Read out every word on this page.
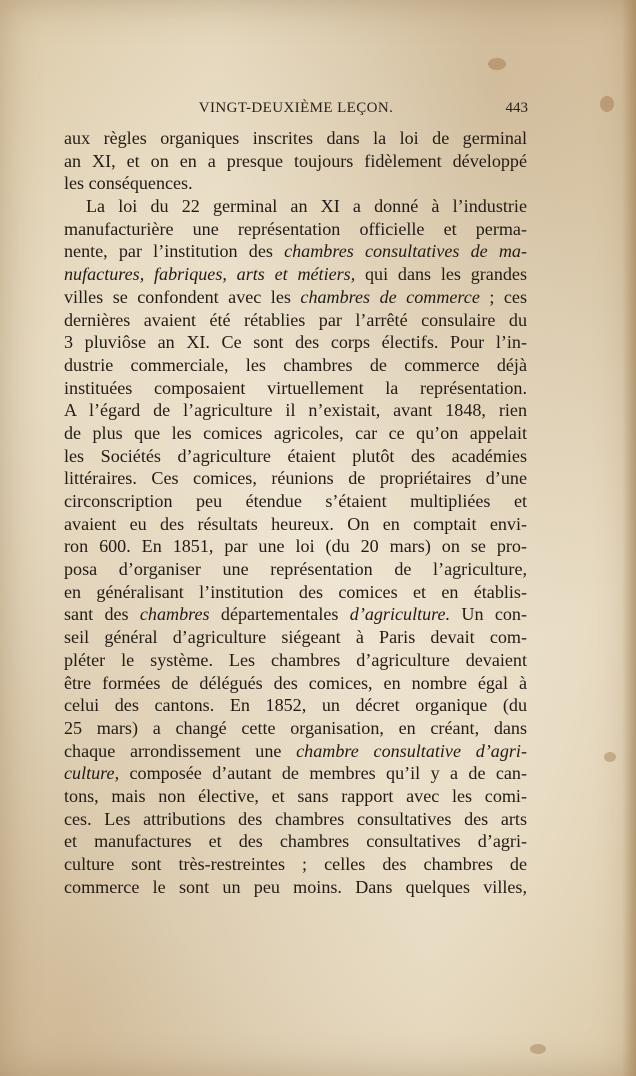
VINGT-DEUXIÈME LEÇON.	443
aux règles organiques inscrites dans la loi de germinal
an XI, et on en a presque toujours fidèlement développé
les conséquences.
La loi du 22 germinal an XI a donné à l’industrie
manufacturière une représentation officielle et perma-
nente, par l’institution des chambres consultatives de ma-
nufactures, fabriques, arts et métiers, qui dans les grandes
villes se confondent avec les chambres de commerce ; ces
dernières avaient été rétablies par l’arrêté consulaire du
3 pluviôse an XI. Ce sont des corps électifs. Pour l’in-
dustrie commerciale, les chambres de commerce déjà
instituées composaient virtuellement la représentation.
A l’égard de l’agriculture il n’existait, avant 1848, rien
de plus que les comices agricoles, car ce qu’on appelait
les Sociétés d’agriculture étaient plutôt des académies
littéraires. Ces comices, réunions de propriétaires d’une
circonscription peu étendue s’étaient multipliées et
avaient eu des résultats heureux. On en comptait envi-
ron 600. En 1851, par une loi (du 20 mars) on se pro-
posa d’organiser une représentation de l’agriculture,
en généralisant l’institution des comices et en établis-
sant des chambres départementales d’agriculture. Un con-
seil général d’agriculture siégeant à Paris devait com-
pléter le système. Les chambres d’agriculture devaient
être formées de délégués des comices, en nombre égal à
celui des cantons. En 1852, un décret organique (du
25 mars) a changé cette organisation, en créant, dans
chaque arrondissement une chambre consultative d’agri-
culture, composée d’autant de membres qu’il y a de can-
tons, mais non élective, et sans rapport avec les comi-
ces. Les attributions des chambres consultatives des arts
et manufactures et des chambres consultatives d’agri-
culture sont très-restreintes ; celles des chambres de
commerce le sont un peu moins. Dans quelques villes,
